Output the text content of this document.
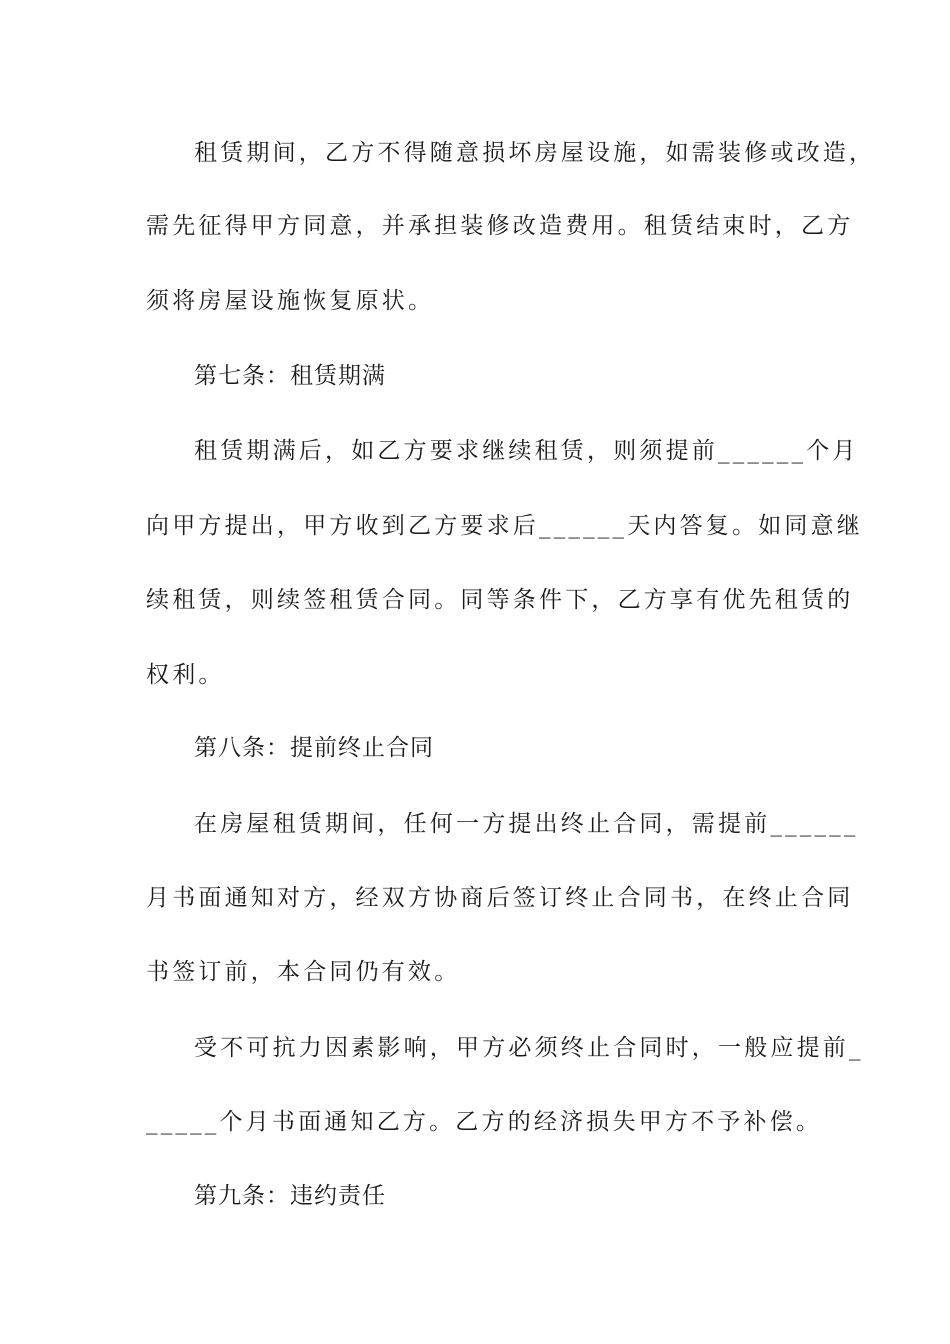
租赁期间，乙方不得随意损坏房屋设施，如需装修或改造，
需先征得甲方同意，并承担装修改造费用。租赁结束时，乙方
须将房屋设施恢复原状。
第七条：租赁期满
租赁期满后，如乙方要求继续租赁，则须提前______个月
向甲方提出，甲方收到乙方要求后______天内答复。如同意继
续租赁，则续签租赁合同。同等条件下，乙方享有优先租赁的
权利。
第八条：提前终止合同
在房屋租赁期间，任何一方提出终止合同，需提前______
月书面通知对方，经双方协商后签订终止合同书，在终止合同
书签订前，本合同仍有效。
受不可抗力因素影响，甲方必须终止合同时，一般应提前_
_____个月书面通知乙方。乙方的经济损失甲方不予补偿。
第九条：违约责任
